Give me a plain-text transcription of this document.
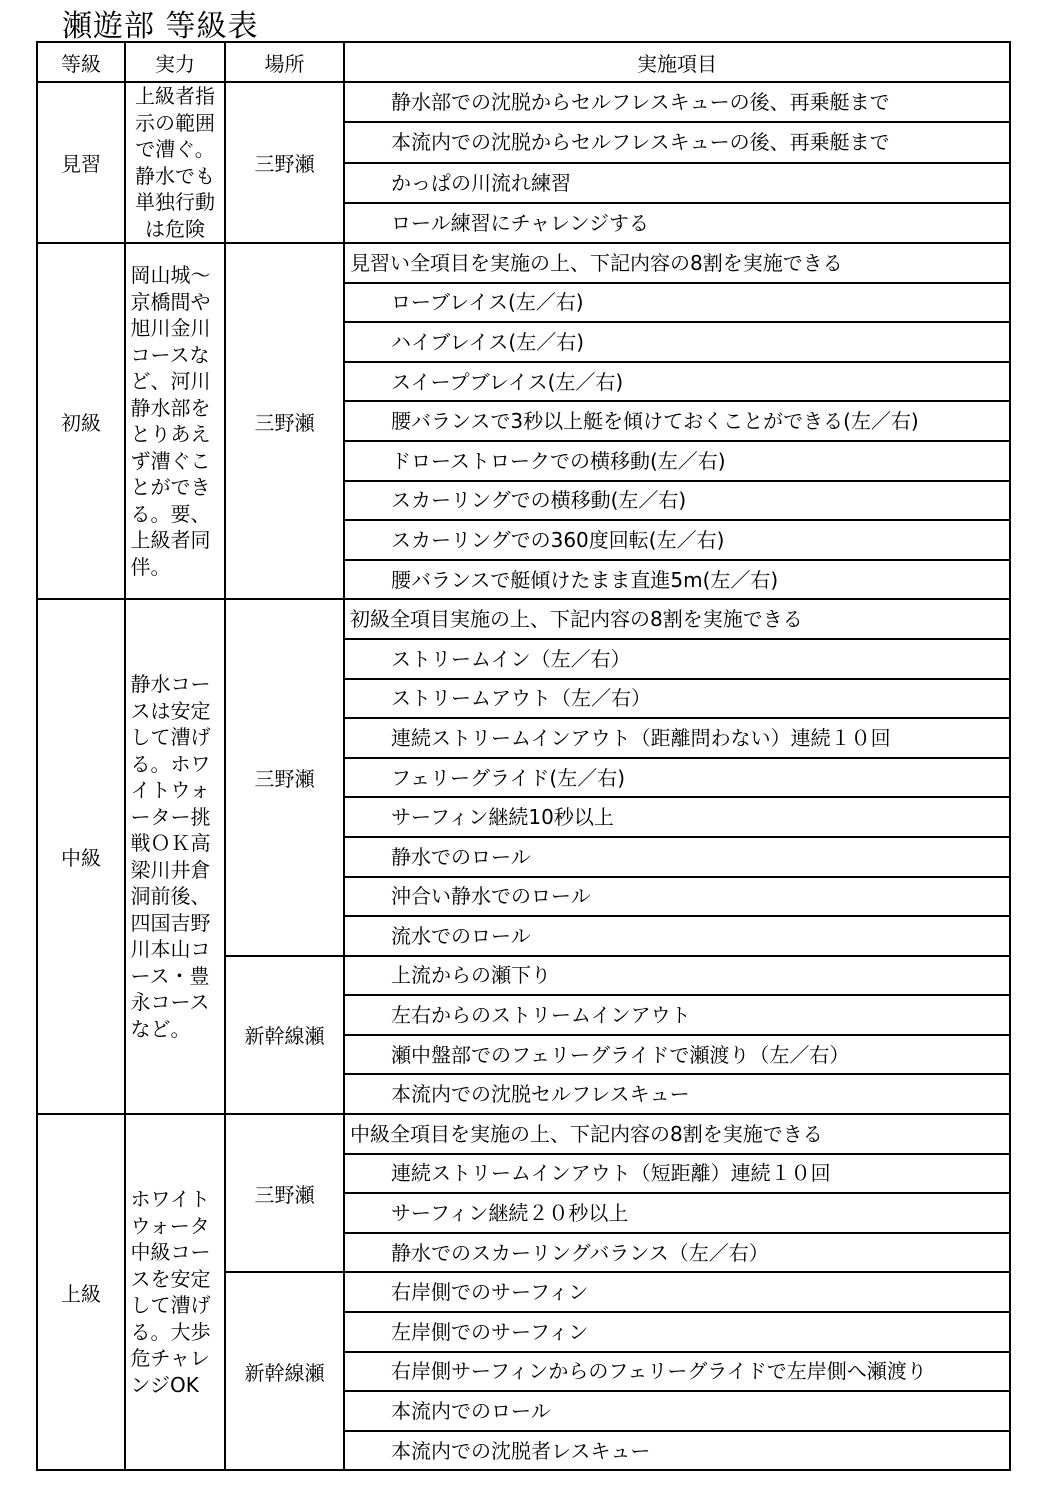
瀬遊部 等級表
等級	実力	場所	実施項目
見習	上級者指示の範囲で漕ぐ。静水でも単独行動は危険	三野瀬	静水部での沈脱からセルフレスキューの後、再乗艇まで
			本流内での沈脱からセルフレスキューの後、再乗艇まで
			かっぱの川流れ練習
			ロール練習にチャレンジする
初級	岡山城～京橋間や旭川金川コースなど、河川静水部をとりあえず漕ぐことができる。要、上級者同伴。	三野瀬	見習い全項目を実施の上、下記内容の8割を実施できる
			ローブレイス(左／右)
			ハイブレイス(左／右)
			スイープブレイス(左／右)
			腰バランスで3秒以上艇を傾けておくことができる(左／右)
			ドローストロークでの横移動(左／右)
			スカーリングでの横移動(左／右)
			スカーリングでの360度回転(左／右)
			腰バランスで艇傾けたまま直進5m(左／右)
中級	静水コースは安定して漕げる。ホワイトウォーター挑戦ＯＫ高梁川井倉洞前後、四国吉野川本山コース・豊永コースなど。	三野瀬	初級全項目実施の上、下記内容の8割を実施できる
			ストリームイン（左／右）
			ストリームアウト（左／右）
			連続ストリームインアウト（距離問わない）連続１０回
			フェリーグライド(左／右)
			サーフィン継続10秒以上
			静水でのロール
			沖合い静水でのロール
			流水でのロール
		新幹線瀬	上流からの瀬下り
			左右からのストリームインアウト
			瀬中盤部でのフェリーグライドで瀬渡り（左／右）
			本流内での沈脱セルフレスキュー
上級	ホワイトウォータ中級コースを安定して漕げる。大歩危チャレンジOK	三野瀬	中級全項目を実施の上、下記内容の8割を実施できる
			連続ストリームインアウト（短距離）連続１０回
			サーフィン継続２０秒以上
			静水でのスカーリングバランス（左／右）
		新幹線瀬	右岸側でのサーフィン
			左岸側でのサーフィン
			右岸側サーフィンからのフェリーグライドで左岸側へ瀬渡り
			本流内でのロール
			本流内での沈脱者レスキュー
